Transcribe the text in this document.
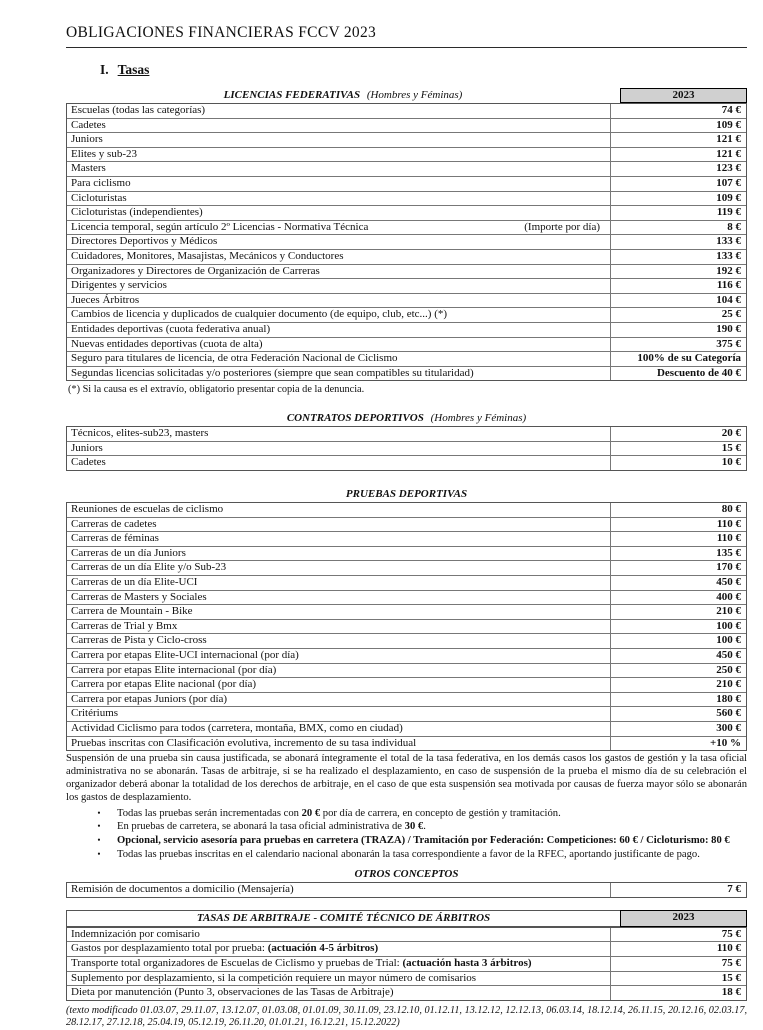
OBLIGACIONES FINANCIERAS FCCV 2023
I. Tasas
LICENCIAS FEDERATIVAS (Hombres y Féminas)	2023
Escuelas (todas las categorías)	74 €
Cadetes	109 €
Juniors	121 €
Elites y sub-23	121 €
Masters	123 €
Para ciclismo	107 €
Cicloturistas	109 €
Cicloturistas (independientes)	119 €
Licencia temporal, según artículo 2º Licencias - Normativa Técnica	(Importe por día)	8 €
Directores Deportivos y Médicos	133 €
Cuidadores, Monitores, Masajistas, Mecánicos y Conductores	133 €
Organizadores y Directores de Organización de Carreras	192 €
Dirigentes y servicios	116 €
Jueces Árbitros	104 €
Cambios de licencia y duplicados de cualquier documento (de equipo, club, etc...) (*)	25 €
Entidades deportivas (cuota federativa anual)	190 €
Nuevas entidades deportivas (cuota de alta)	375 €
Seguro para titulares de licencia, de otra Federación Nacional de Ciclismo	100% de su Categoría
Segundas licencias solicitadas y/o posteriores (siempre que sean compatibles su titularidad)	Descuento de 40 €
(*) Si la causa es el extravío, obligatorio presentar copia de la denuncia.
CONTRATOS DEPORTIVOS (Hombres y Féminas)
Técnicos, elites-sub23, masters	20 €
Juniors	15 €
Cadetes	10 €
PRUEBAS DEPORTIVAS
Reuniones de escuelas de ciclismo	80 €
Carreras de cadetes	110 €
Carreras de féminas	110 €
Carreras de un día Juniors	135 €
Carreras de un día Elite y/o Sub-23	170 €
Carreras de un día Elite-UCI	450 €
Carreras de Masters y Sociales	400 €
Carrera de Mountain - Bike	210 €
Carreras de Trial y Bmx	100 €
Carreras de Pista y Ciclo-cross	100 €
Carrera por etapas Elite-UCI internacional (por día)	450 €
Carrera por etapas Elite internacional (por día)	250 €
Carrera por etapas Elite nacional (por día)	210 €
Carrera por etapas Juniors (por día)	180 €
Critériums	560 €
Actividad Ciclismo para todos (carretera, montaña, BMX, como en ciudad)	300 €
Pruebas inscritas con Clasificación evolutiva, incremento de su tasa individual	+10 %
Suspensión de una prueba sin causa justificada, se abonará íntegramente el total de la tasa federativa, en los demás casos los gastos de gestión y la tasa oficial administrativa no se abonarán. Tasas de arbitraje, si se ha realizado el desplazamiento, en caso de suspensión de la prueba el mismo día de su celebración el organizador deberá abonar la totalidad de los derechos de arbitraje, en el caso de que esta suspensión sea motivada por causas de fuerza mayor sólo se abonarán los gastos de desplazamiento.
•	Todas las pruebas serán incrementadas con 20 € por día de carrera, en concepto de gestión y tramitación.
•	En pruebas de carretera, se abonará la tasa oficial administrativa de 30 €.
•	Opcional, servicio asesoría para pruebas en carretera (TRAZA) / Tramitación por Federación: Competiciones: 60 € / Cicloturismo: 80 €
•	Todas las pruebas inscritas en el calendario nacional abonarán la tasa correspondiente a favor de la RFEC, aportando justificante de pago.
OTROS CONCEPTOS
Remisión de documentos a domicilio (Mensajería)	7 €
TASAS DE ARBITRAJE - COMITÉ TÉCNICO DE ÁRBITROS	2023
Indemnización por comisario	75 €
Gastos por desplazamiento total por prueba: (actuación 4-5 árbitros)	110 €
Transporte total organizadores de Escuelas de Ciclismo y pruebas de Trial: (actuación hasta 3 árbitros)	75 €
Suplemento por desplazamiento, si la competición requiere un mayor número de comisarios	15 €
Dieta por manutención (Punto 3, observaciones de las Tasas de Arbitraje)	18 €
(texto modificado 01.03.07, 29.11.07, 13.12.07, 01.03.08, 01.01.09, 30.11.09, 23.12.10, 01.12.11, 13.12.12, 12.12.13, 06.03.14, 18.12.14, 26.11.15, 20.12.16, 02.03.17, 28.12.17, 27.12.18, 25.04.19, 05.12.19, 26.11.20, 01.01.21, 16.12.21, 15.12.2022)
